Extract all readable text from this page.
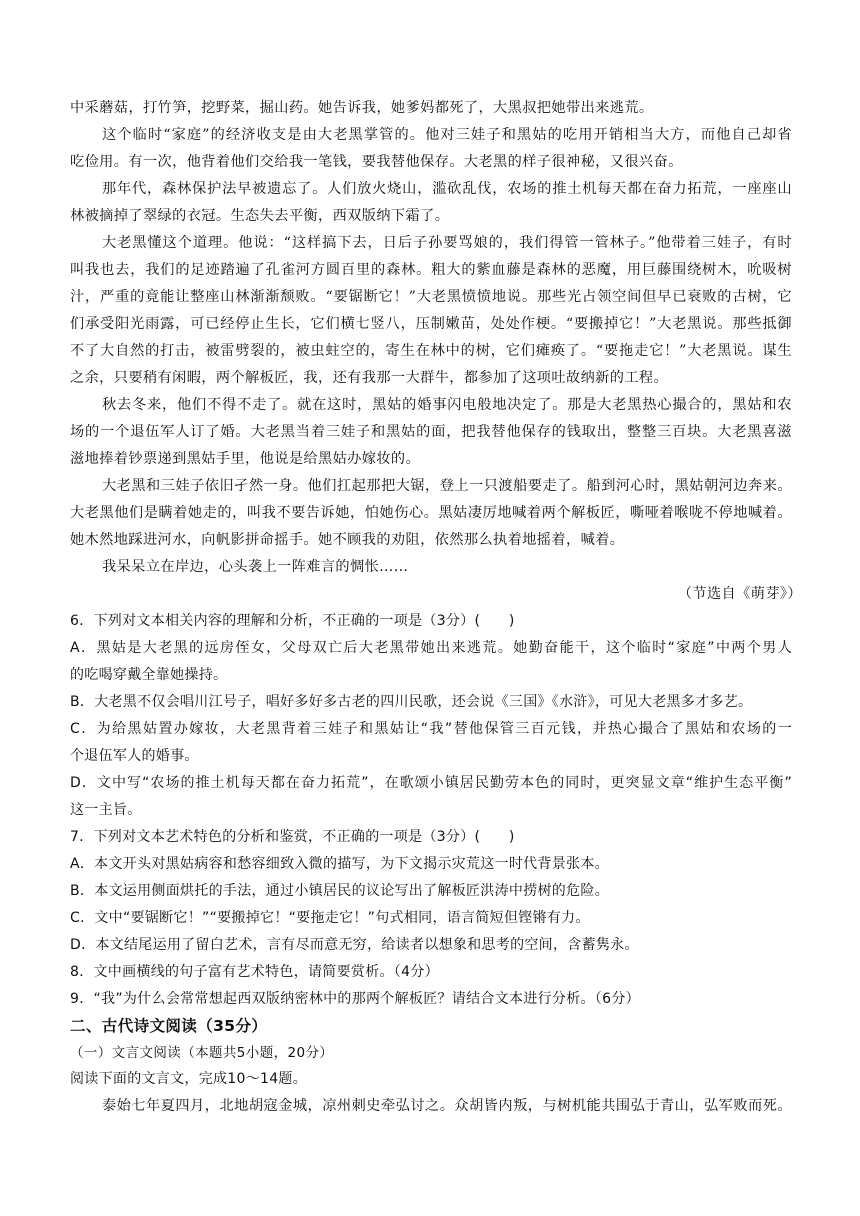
中采蘑菇，打竹笋，挖野菜，掘山药。她告诉我，她爹妈都死了，大黑叔把她带出来逃荒。
这个临时“家庭”的经济收支是由大老黑掌管的。他对三娃子和黑姑的吃用开销相当大方，而他自己却省
吃俭用。有一次，他背着他们交给我一笔钱，要我替他保存。大老黑的样子很神秘，又很兴奋。
那年代，森林保护法早被遗忘了。人们放火烧山，滥砍乱伐，农场的推土机每天都在奋力拓荒，一座座山
林被摘掉了翠绿的衣冠。生态失去平衡，西双版纳下霜了。
大老黑懂这个道理。他说：“这样搞下去，日后子孙要骂娘的，我们得管一管林子。”他带着三娃子，有时
叫我也去，我们的足迹踏遍了孔雀河方圆百里的森林。粗大的紫血藤是森林的恶魔，用巨藤围绕树木，吮吸树
汁，严重的竟能让整座山林渐渐颓败。“要锯断它！”大老黑愤愤地说。那些光占领空间但早已衰败的古树，它
们承受阳光雨露，可已经停止生长，它们横七竖八，压制嫩苗，处处作梗。“要搬掉它！”大老黑说。那些抵御
不了大自然的打击，被雷劈裂的，被虫蛀空的，寄生在林中的树，它们瘫痪了。“要拖走它！”大老黑说。谋生
之余，只要稍有闲暇，两个解板匠，我，还有我那一大群牛，都参加了这项吐故纳新的工程。
秋去冬来，他们不得不走了。就在这时，黑姑的婚事闪电般地决定了。那是大老黑热心撮合的，黑姑和农
场的一个退伍军人订了婚。大老黑当着三娃子和黑姑的面，把我替他保存的钱取出，整整三百块。大老黑喜滋
滋地捧着钞票递到黑姑手里，他说是给黑姑办嫁妆的。
大老黑和三娃子依旧孑然一身。他们扛起那把大锯，登上一只渡船要走了。船到河心时，黑姑朝河边奔来。
大老黑他们是瞒着她走的，叫我不要告诉她，怕她伤心。黑姑凄厉地喊着两个解板匠，嘶哑着喉咙不停地喊着。
她木然地踩进河水，向帆影拼命摇手。她不顾我的劝阻，依然那么执着地摇着，喊着。
我呆呆立在岸边，心头袭上一阵难言的惆怅……
（节选自《萌芽》）
6．下列对文本相关内容的理解和分析，不正确的一项是（3分）(　　)
A．黑姑是大老黑的远房侄女，父母双亡后大老黑带她出来逃荒。她勤奋能干，这个临时“家庭”中两个男人
的吃喝穿戴全靠她操持。
B．大老黑不仅会唱川江号子，唱好多好多古老的四川民歌，还会说《三国》《水浒》，可见大老黑多才多艺。
C．为给黑姑置办嫁妆，大老黑背着三娃子和黑姑让“我”替他保管三百元钱，并热心撮合了黑姑和农场的一
个退伍军人的婚事。
D．文中写“农场的推土机每天都在奋力拓荒”，在歌颂小镇居民勤劳本色的同时，更突显文章“维护生态平衡”
这一主旨。
7．下列对文本艺术特色的分析和鉴赏，不正确的一项是（3分）(　　)
A．本文开头对黑姑病容和愁容细致入微的描写，为下文揭示灾荒这一时代背景张本。
B．本文运用侧面烘托的手法，通过小镇居民的议论写出了解板匠洪涛中捞树的危险。
C．文中“要锯断它！”“要搬掉它！“要拖走它！”句式相同，语言简短但铿锵有力。
D．本文结尾运用了留白艺术，言有尽而意无穷，给读者以想象和思考的空间，含蓄隽永。
8．文中画横线的句子富有艺术特色，请简要赏析。（4分）
9．“我”为什么会常常想起西双版纳密林中的那两个解板匠？请结合文本进行分析。（6分）
二、古代诗文阅读（35分）
（一）文言文阅读（本题共5小题，20分）
阅读下面的文言文，完成10～14题。
泰始七年夏四月，北地胡寇金城，凉州刺史牵弘讨之。众胡皆内叛，与树机能共围弘于青山，弘军败而死。
